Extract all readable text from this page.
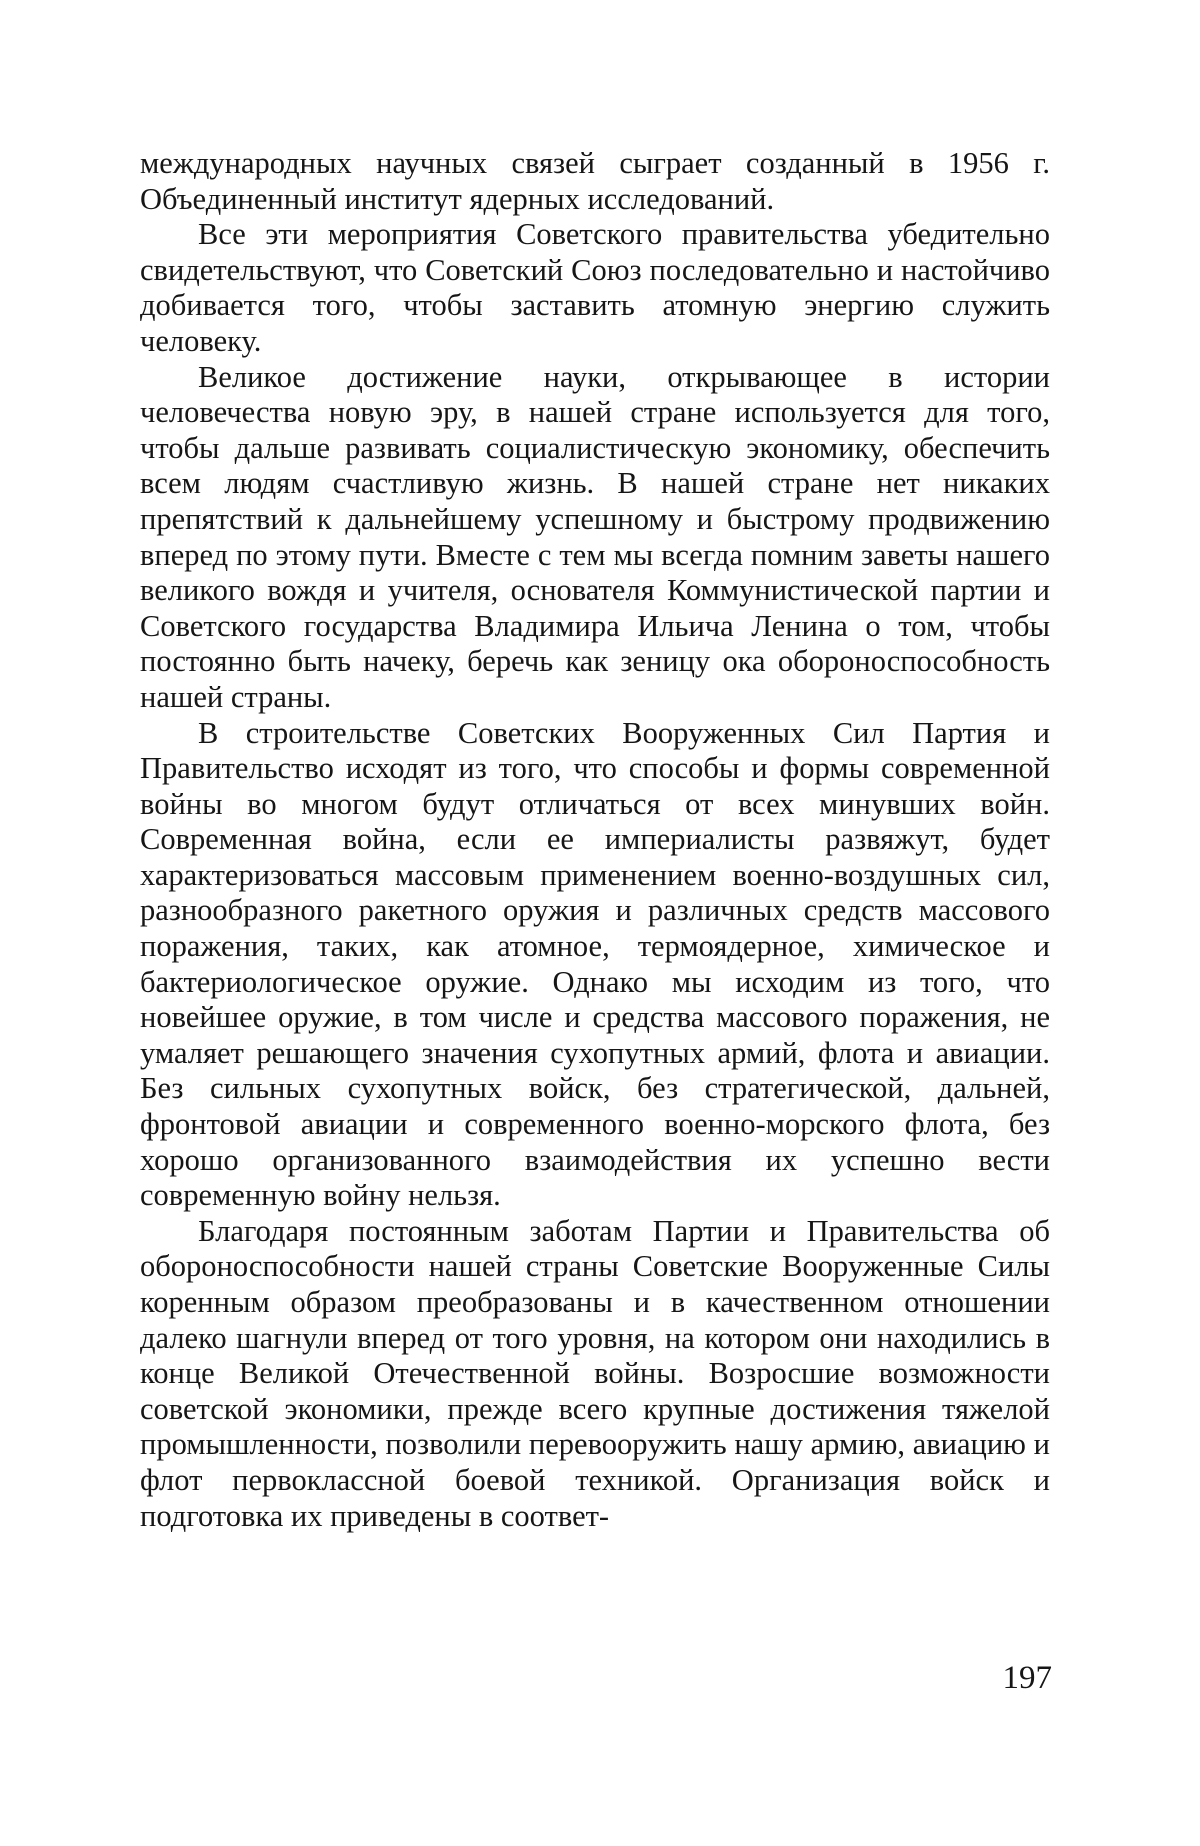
международных научных связей сыграет созданный в 1956 г. Объединенный институт ядерных исследований.

Все эти мероприятия Советского правительства убедительно свидетельствуют, что Советский Союз последовательно и настойчиво добивается того, чтобы заставить атомную энергию служить человеку.

Великое достижение науки, открывающее в истории человечества новую эру, в нашей стране используется для того, чтобы дальше развивать социалистическую экономику, обеспечить всем людям счастливую жизнь. В нашей стране нет никаких препятствий к дальнейшему успешному и быстрому продвижению вперед по этому пути. Вместе с тем мы всегда помним заветы нашего великого вождя и учителя, основателя Коммунистической партии и Советского государства Владимира Ильича Ленина о том, чтобы постоянно быть начеку, беречь как зеницу ока обороноспособность нашей страны.

В строительстве Советских Вооруженных Сил Партия и Правительство исходят из того, что способы и формы современной войны во многом будут отличаться от всех минувших войн. Современная война, если ее империалисты развяжут, будет характеризоваться массовым применением военно-воздушных сил, разнообразного ракетного оружия и различных средств массового поражения, таких, как атомное, термоядерное, химическое и бактериологическое оружие. Однако мы исходим из того, что новейшее оружие, в том числе и средства массового поражения, не умаляет решающего значения сухопутных армий, флота и авиации. Без сильных сухопутных войск, без стратегической, дальней, фронтовой авиации и современного военно-морского флота, без хорошо организованного взаимодействия их успешно вести современную войну нельзя.

Благодаря постоянным заботам Партии и Правительства об обороноспособности нашей страны Советские Вооруженные Силы коренным образом преобразованы и в качественном отношении далеко шагнули вперед от того уровня, на котором они находились в конце Великой Отечественной войны. Возросшие возможности советской экономики, прежде всего крупные достижения тяжелой промышленности, позволили перевооружить нашу армию, авиацию и флот первоклассной боевой техникой. Организация войск и подготовка их приведены в соответ-

197
